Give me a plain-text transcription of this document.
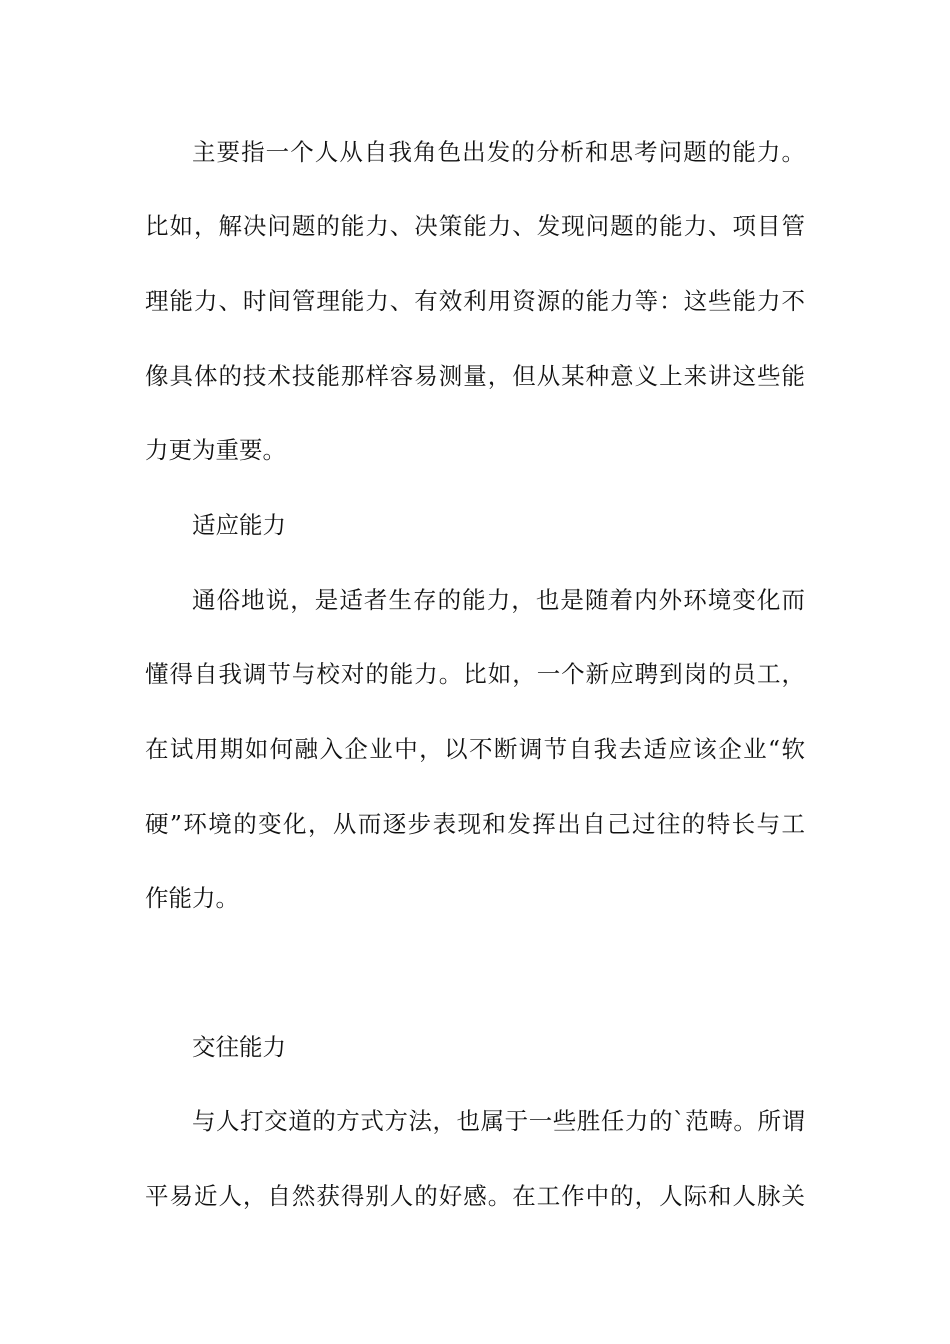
主要指一个人从自我角色出发的分析和思考问题的能力。
比如，解决问题的能力、决策能力、发现问题的能力、项目管
理能力、时间管理能力、有效利用资源的能力等：这些能力不
像具体的技术技能那样容易测量，但从某种意义上来讲这些能
力更为重要。
适应能力
通俗地说，是适者生存的能力，也是随着内外环境变化而
懂得自我调节与校对的能力。比如，一个新应聘到岗的员工，
在试用期如何融入企业中，以不断调节自我去适应该企业“软
硬”环境的变化，从而逐步表现和发挥出自己过往的特长与工
作能力。
交往能力
与人打交道的方式方法，也属于一些胜任力的`范畴。所谓
平易近人，自然获得别人的好感。在工作中的，人际和人脉关
